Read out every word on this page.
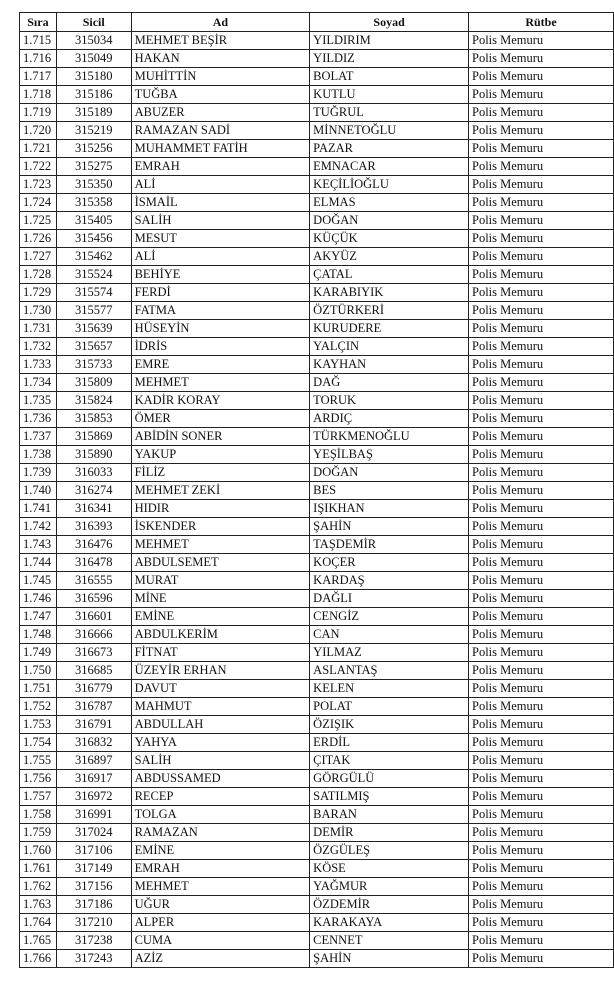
Sıra	Sicil	Ad	Soyad	Rütbe
1.715	315034	MEHMET BEŞİR	YILDIRIM	Polis Memuru
1.716	315049	HAKAN	YILDIZ	Polis Memuru
1.717	315180	MUHİTTİN	BOLAT	Polis Memuru
1.718	315186	TUĞBA	KUTLU	Polis Memuru
1.719	315189	ABUZER	TUĞRUL	Polis Memuru
1.720	315219	RAMAZAN SADİ	MİNNETOĞLU	Polis Memuru
1.721	315256	MUHAMMET FATİH	PAZAR	Polis Memuru
1.722	315275	EMRAH	EMNACAR	Polis Memuru
1.723	315350	ALİ	KEÇİLİOĞLU	Polis Memuru
1.724	315358	İSMAİL	ELMAS	Polis Memuru
1.725	315405	SALİH	DOĞAN	Polis Memuru
1.726	315456	MESUT	KÜÇÜK	Polis Memuru
1.727	315462	ALİ	AKYÜZ	Polis Memuru
1.728	315524	BEHİYE	ÇATAL	Polis Memuru
1.729	315574	FERDİ	KARABIYIK	Polis Memuru
1.730	315577	FATMA	ÖZTÜRKERİ	Polis Memuru
1.731	315639	HÜSEYİN	KURUDERE	Polis Memuru
1.732	315657	İDRİS	YALÇIN	Polis Memuru
1.733	315733	EMRE	KAYHAN	Polis Memuru
1.734	315809	MEHMET	DAĞ	Polis Memuru
1.735	315824	KADİR KORAY	TORUK	Polis Memuru
1.736	315853	ÖMER	ARDIÇ	Polis Memuru
1.737	315869	ABİDİN SONER	TÜRKMENOĞLU	Polis Memuru
1.738	315890	YAKUP	YEŞİLBAŞ	Polis Memuru
1.739	316033	FİLİZ	DOĞAN	Polis Memuru
1.740	316274	MEHMET ZEKİ	BES	Polis Memuru
1.741	316341	HIDIR	IŞIKHAN	Polis Memuru
1.742	316393	İSKENDER	ŞAHİN	Polis Memuru
1.743	316476	MEHMET	TAŞDEMİR	Polis Memuru
1.744	316478	ABDULSEMET	KOÇER	Polis Memuru
1.745	316555	MURAT	KARDAŞ	Polis Memuru
1.746	316596	MİNE	DAĞLI	Polis Memuru
1.747	316601	EMİNE	CENGİZ	Polis Memuru
1.748	316666	ABDULKERİM	CAN	Polis Memuru
1.749	316673	FİTNAT	YILMAZ	Polis Memuru
1.750	316685	ÜZEYİR ERHAN	ASLANTAŞ	Polis Memuru
1.751	316779	DAVUT	KELEN	Polis Memuru
1.752	316787	MAHMUT	POLAT	Polis Memuru
1.753	316791	ABDULLAH	ÖZIŞIK	Polis Memuru
1.754	316832	YAHYA	ERDİL	Polis Memuru
1.755	316897	SALİH	ÇITAK	Polis Memuru
1.756	316917	ABDUSSAMED	GÖRGÜLÜ	Polis Memuru
1.757	316972	RECEP	SATILMIŞ	Polis Memuru
1.758	316991	TOLGA	BARAN	Polis Memuru
1.759	317024	RAMAZAN	DEMİR	Polis Memuru
1.760	317106	EMİNE	ÖZGÜLEŞ	Polis Memuru
1.761	317149	EMRAH	KÖSE	Polis Memuru
1.762	317156	MEHMET	YAĞMUR	Polis Memuru
1.763	317186	UĞUR	ÖZDEMİR	Polis Memuru
1.764	317210	ALPER	KARAKAYA	Polis Memuru
1.765	317238	CUMA	CENNET	Polis Memuru
1.766	317243	AZİZ	ŞAHİN	Polis Memuru
